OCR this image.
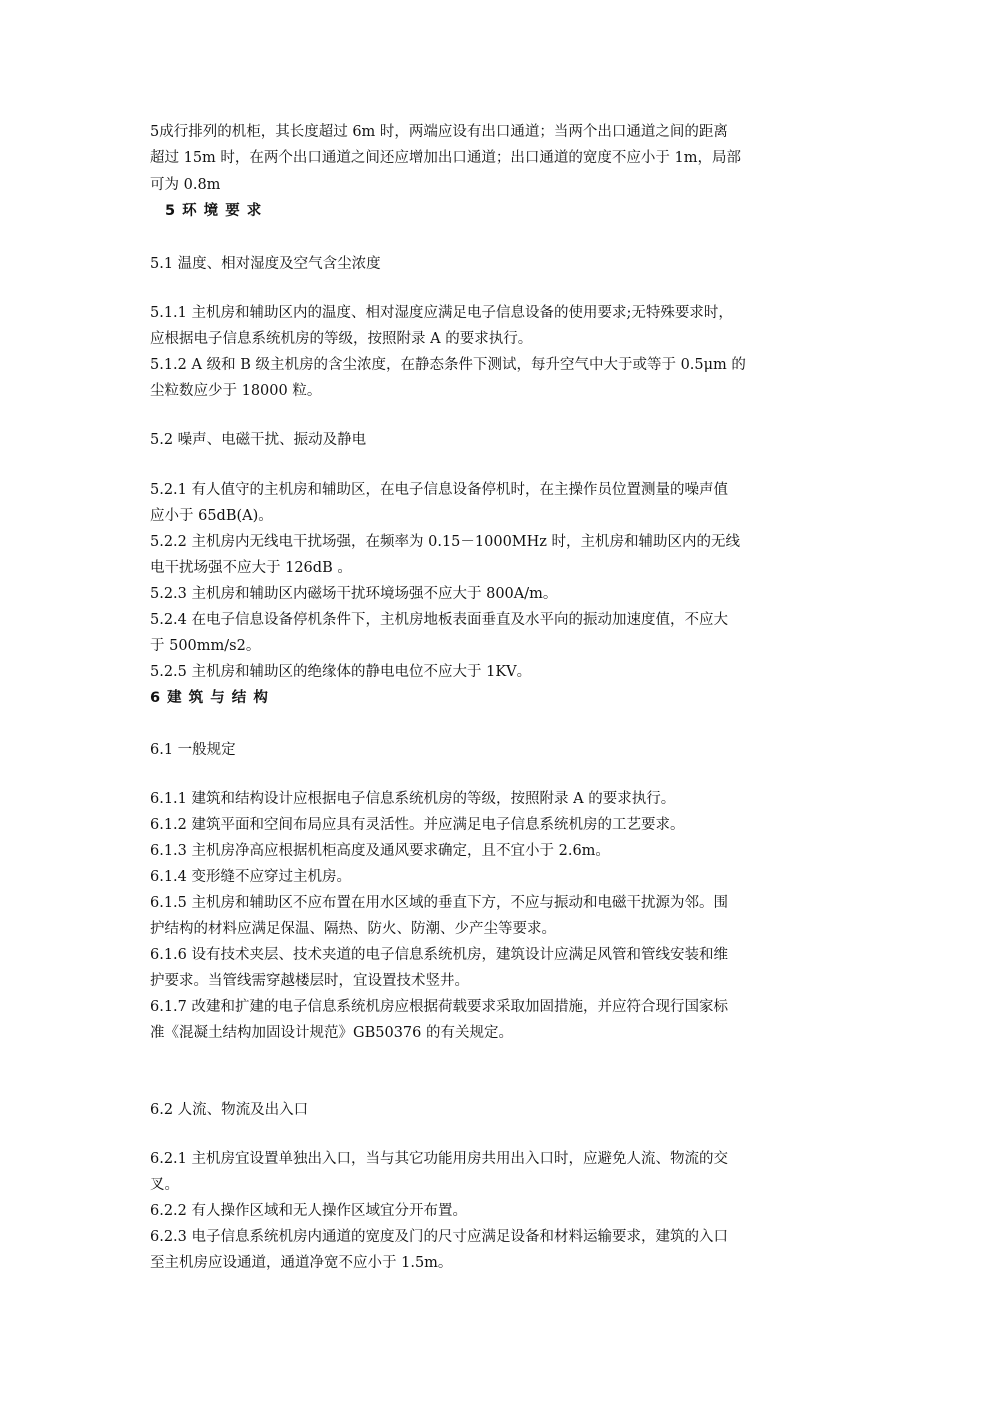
5成行排列的机柜，其长度超过 6m 时，两端应设有出口通道；当两个出口通道之间的距离
超过 15m 时，在两个出口通道之间还应增加出口通道；出口通道的宽度不应小于 1m，局部
可为 0.8m
5 环 境 要 求
5.1 温度、相对湿度及空气含尘浓度
5.1.1 主机房和辅助区内的温度、相对湿度应满足电子信息设备的使用要求;无特殊要求时，
应根据电子信息系统机房的等级，按照附录 A 的要求执行。
5.1.2 A 级和 B 级主机房的含尘浓度，在静态条件下测试，每升空气中大于或等于 0.5μm 的
尘粒数应少于 18000 粒。
5.2 噪声、电磁干扰、振动及静电
5.2.1 有人值守的主机房和辅助区，在电子信息设备停机时，在主操作员位置测量的噪声值
应小于 65dB(A)。
5.2.2 主机房内无线电干扰场强，在频率为 0.15－1000MHz 时，主机房和辅助区内的无线
电干扰场强不应大于 126dB 。
5.2.3 主机房和辅助区内磁场干扰环境场强不应大于 800A/m。
5.2.4 在电子信息设备停机条件下，主机房地板表面垂直及水平向的振动加速度值，不应大
于 500mm/s2。
5.2.5 主机房和辅助区的绝缘体的静电电位不应大于 1KV。
6 建 筑 与 结 构
6.1 一般规定
6.1.1 建筑和结构设计应根据电子信息系统机房的等级，按照附录 A 的要求执行。
6.1.2 建筑平面和空间布局应具有灵活性。并应满足电子信息系统机房的工艺要求。
6.1.3 主机房净高应根据机柜高度及通风要求确定，且不宜小于 2.6m。
6.1.4 变形缝不应穿过主机房。
6.1.5 主机房和辅助区不应布置在用水区域的垂直下方，不应与振动和电磁干扰源为邻。围
护结构的材料应满足保温、隔热、防火、防潮、少产尘等要求。
6.1.6 设有技术夹层、技术夹道的电子信息系统机房，建筑设计应满足风管和管线安装和维
护要求。当管线需穿越楼层时，宜设置技术竖井。
6.1.7 改建和扩建的电子信息系统机房应根据荷载要求采取加固措施，并应符合现行国家标
准《混凝土结构加固设计规范》GB50376 的有关规定。
6.2 人流、物流及出入口
6.2.1 主机房宜设置单独出入口，当与其它功能用房共用出入口时，应避免人流、物流的交
叉。
6.2.2 有人操作区域和无人操作区域宜分开布置。
6.2.3 电子信息系统机房内通道的宽度及门的尺寸应满足设备和材料运输要求，建筑的入口
至主机房应设通道，通道净宽不应小于 1.5m。
